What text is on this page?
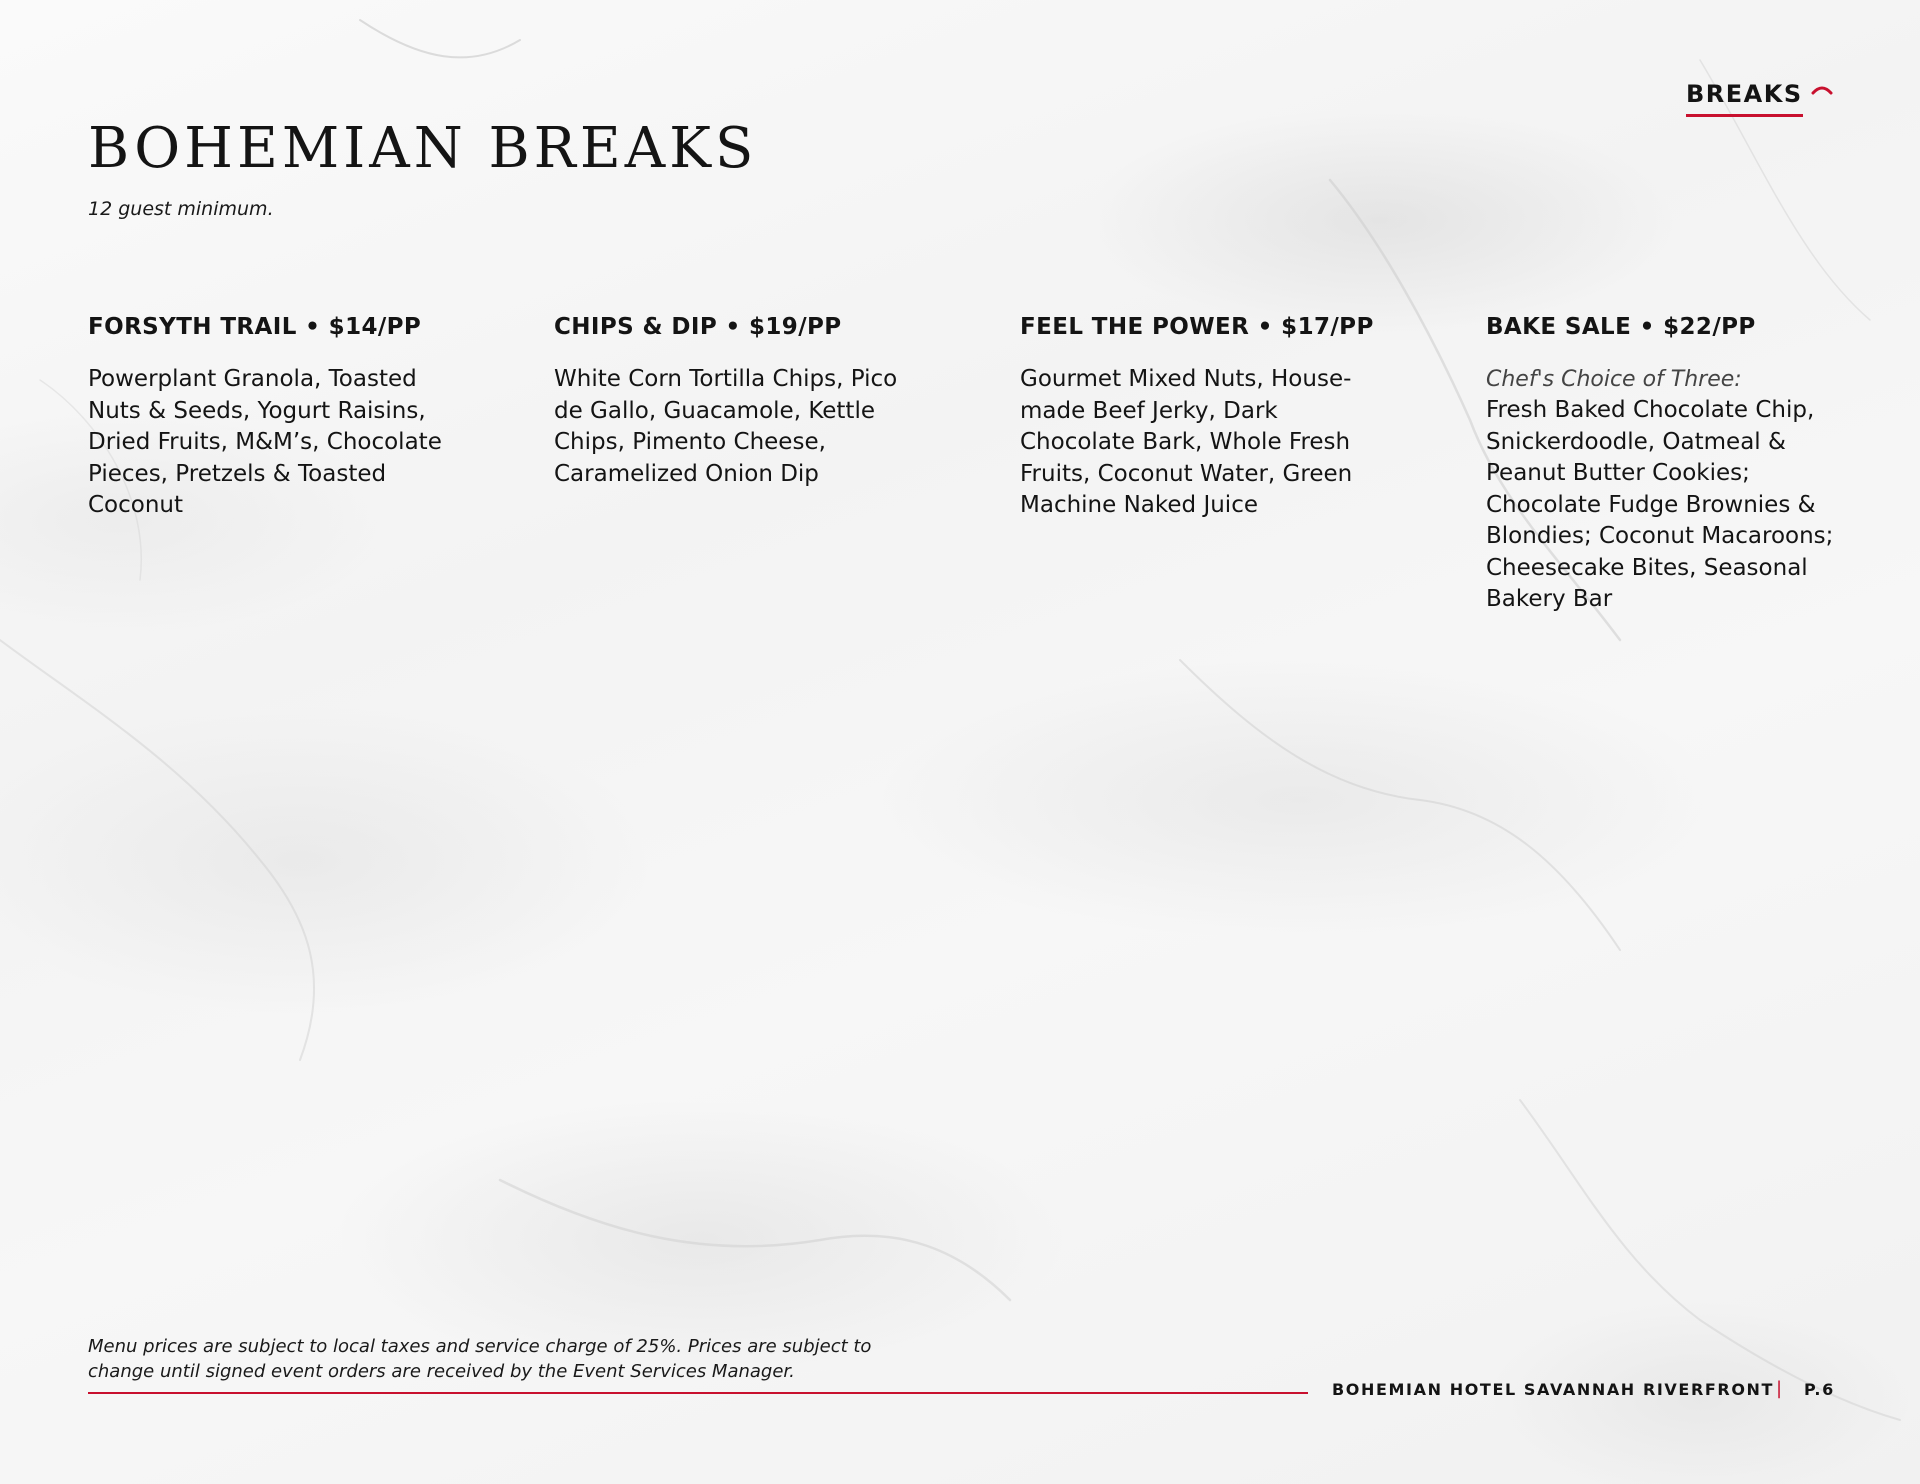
BREAKS
BOHEMIAN BREAKS
12 guest minimum.
FORSYTH TRAIL • $14/PP

Powerplant Granola, Toasted Nuts & Seeds, Yogurt Raisins, Dried Fruits, M&M’s, Chocolate Pieces, Pretzels & Toasted Coconut

CHIPS & DIP • $19/PP

White Corn Tortilla Chips, Pico de Gallo, Guacamole, Kettle Chips, Pimento Cheese, Caramelized Onion Dip

FEEL THE POWER • $17/PP

Gourmet Mixed Nuts, House-made Beef Jerky, Dark Chocolate Bark, Whole Fresh Fruits, Coconut Water, Green Machine Naked Juice

BAKE SALE • $22/PP

Chef's Choice of Three:

Fresh Baked Chocolate Chip, Snickerdoodle, Oatmeal & Peanut Butter Cookies; Chocolate Fudge Brownies & Blondies; Coconut Macaroons; Cheesecake Bites, Seasonal Bakery Bar

Menu prices are subject to local taxes and service charge of 25%. Prices are subject to change until signed event orders are received by the Event Services Manager.
BOHEMIAN HOTEL SAVANNAH RIVERFRONT | P.6
